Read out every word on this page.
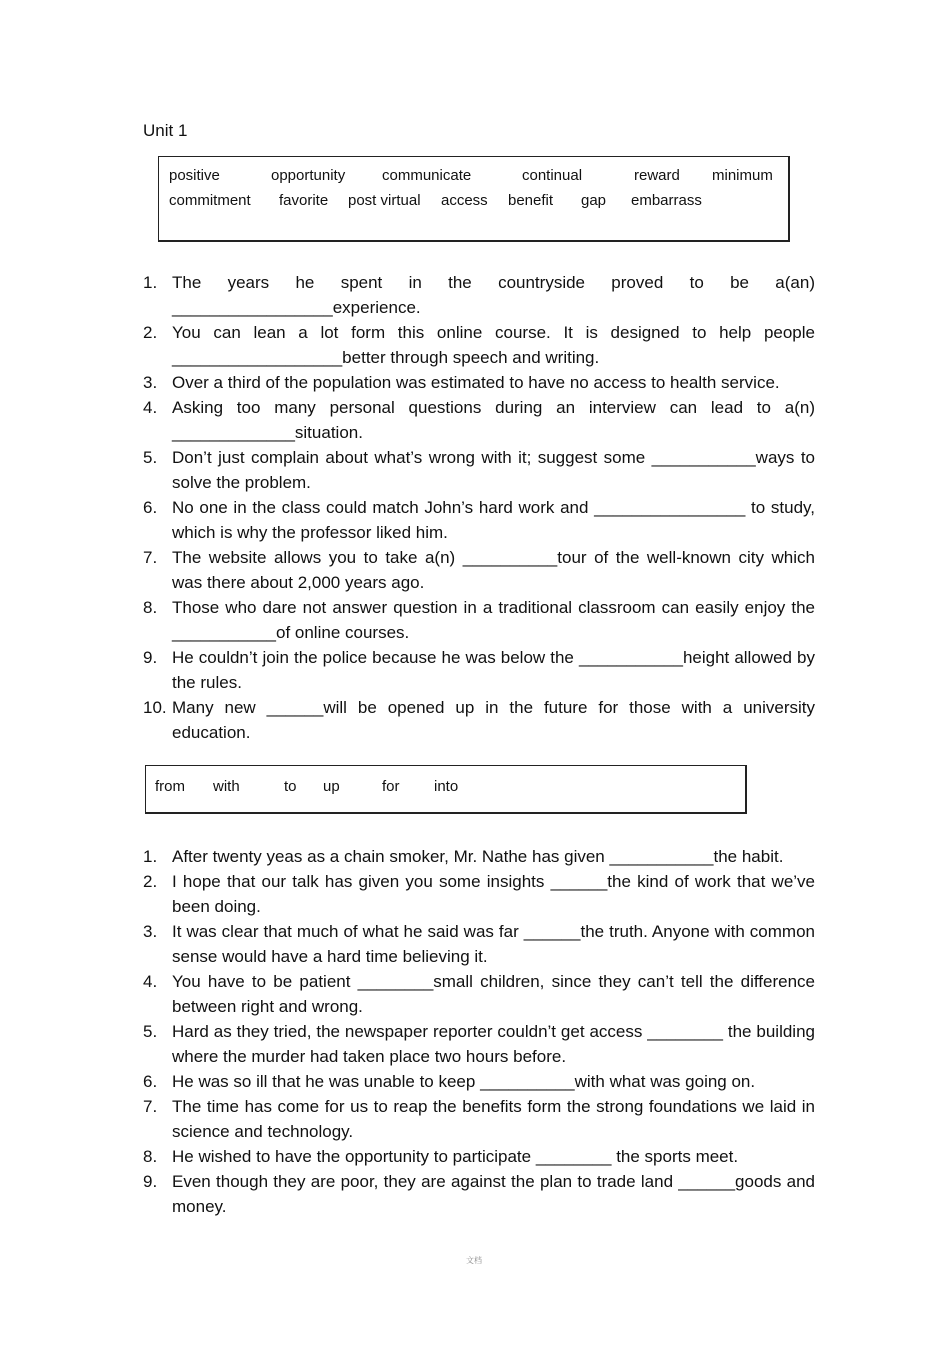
Unit 1
positive	opportunity communicate	continual	reward minimum
commitment favorite post virtual access benefit gap embarrass
1. The years he spent in the countryside proved to be a(an) _________________experience.
2. You can lean a lot form this online course. It is designed to help people __________________better through speech and writing.
3. Over a third of the population was estimated to have no access to health service.
4. Asking too many personal questions during an interview can lead to a(n) _____________situation.
5. Don’t just complain about what’s wrong with it; suggest some ___________ways to solve the problem.
6. No one in the class could match John’s hard work and ________________ to study, which is why the professor liked him.
7. The website allows you to take a(n) __________tour of the well-known city which was there about 2,000 years ago.
8. Those who dare not answer question in a traditional classroom can easily enjoy the ___________of online courses.
9. He couldn’t join the police because he was below the ___________height allowed by the rules.
10. Many new ______will be opened up in the future for those with a university education.
from with	to up	for into
1. After twenty yeas as a chain smoker, Mr. Nathe has given ___________the habit.
2. I hope that our talk has given you some insights ______the kind of work that we’ve been doing.
3. It was clear that much of what he said was far ______the truth. Anyone with common sense would have a hard time believing it.
4. You have to be patient ________small children, since they can’t tell the difference between right and wrong.
5. Hard as they tried, the newspaper reporter couldn’t get access ________ the building where the murder had taken place two hours before.
6. He was so ill that he was unable to keep __________with what was going on.
7. The time has come for us to reap the benefits form the strong foundations we laid in science and technology.
8. He wished to have the opportunity to participate ________ the sports meet.
9. Even though they are poor, they are against the plan to trade land ______goods and money.
文档
